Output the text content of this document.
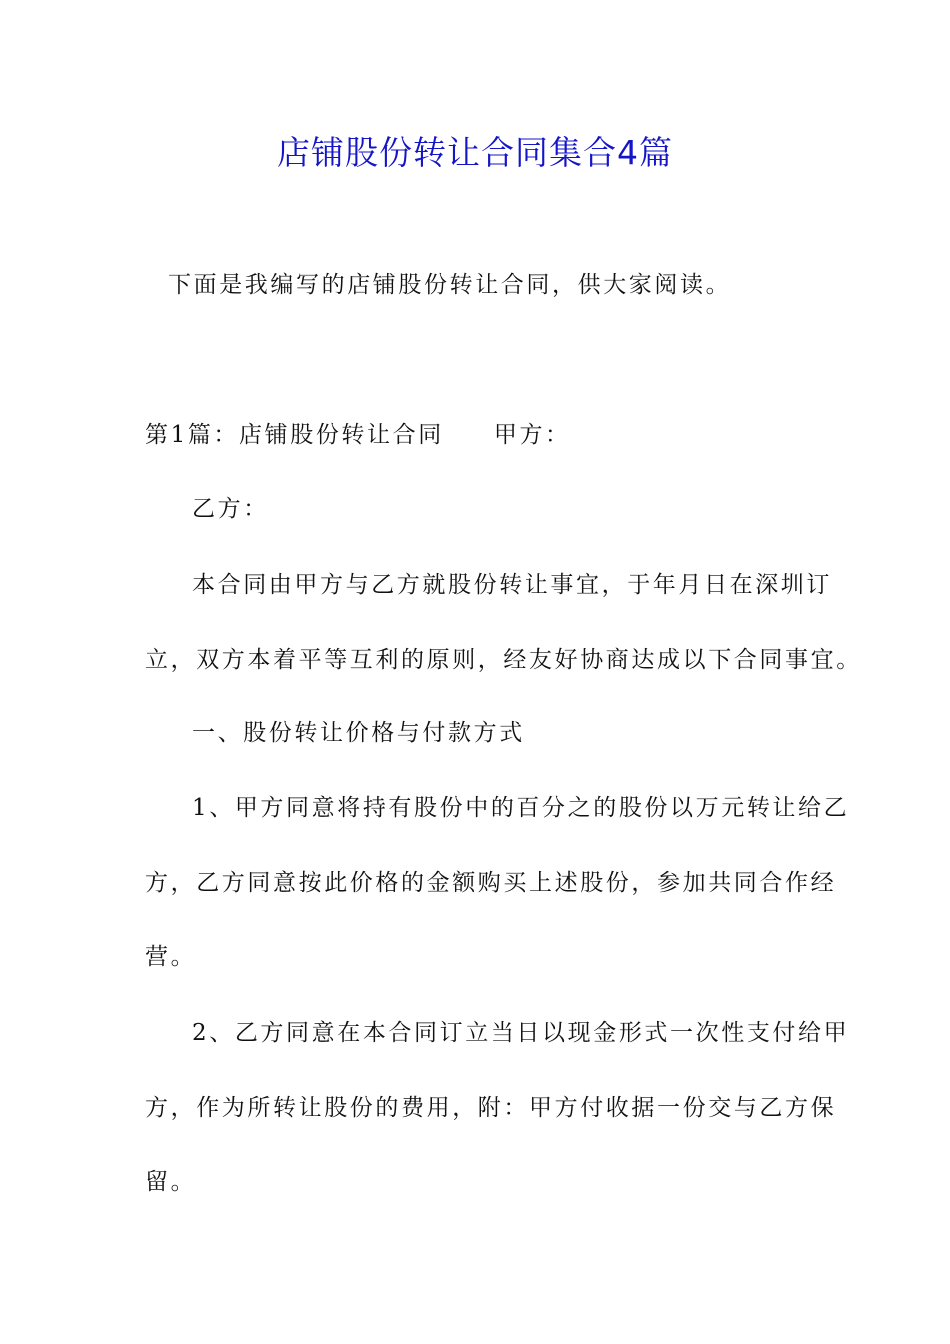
店铺股份转让合同集合4篇
下面是我编写的店铺股份转让合同，供大家阅读。
第1篇：店铺股份转让合同 甲方：
乙方：
本合同由甲方与乙方就股份转让事宜，于年月日在深圳订
立，双方本着平等互利的原则，经友好协商达成以下合同事宜。
一、股份转让价格与付款方式
1、甲方同意将持有股份中的百分之的股份以万元转让给乙
方，乙方同意按此价格的金额购买上述股份，参加共同合作经
营。
2、乙方同意在本合同订立当日以现金形式一次性支付给甲
方，作为所转让股份的费用，附：甲方付收据一份交与乙方保
留。
